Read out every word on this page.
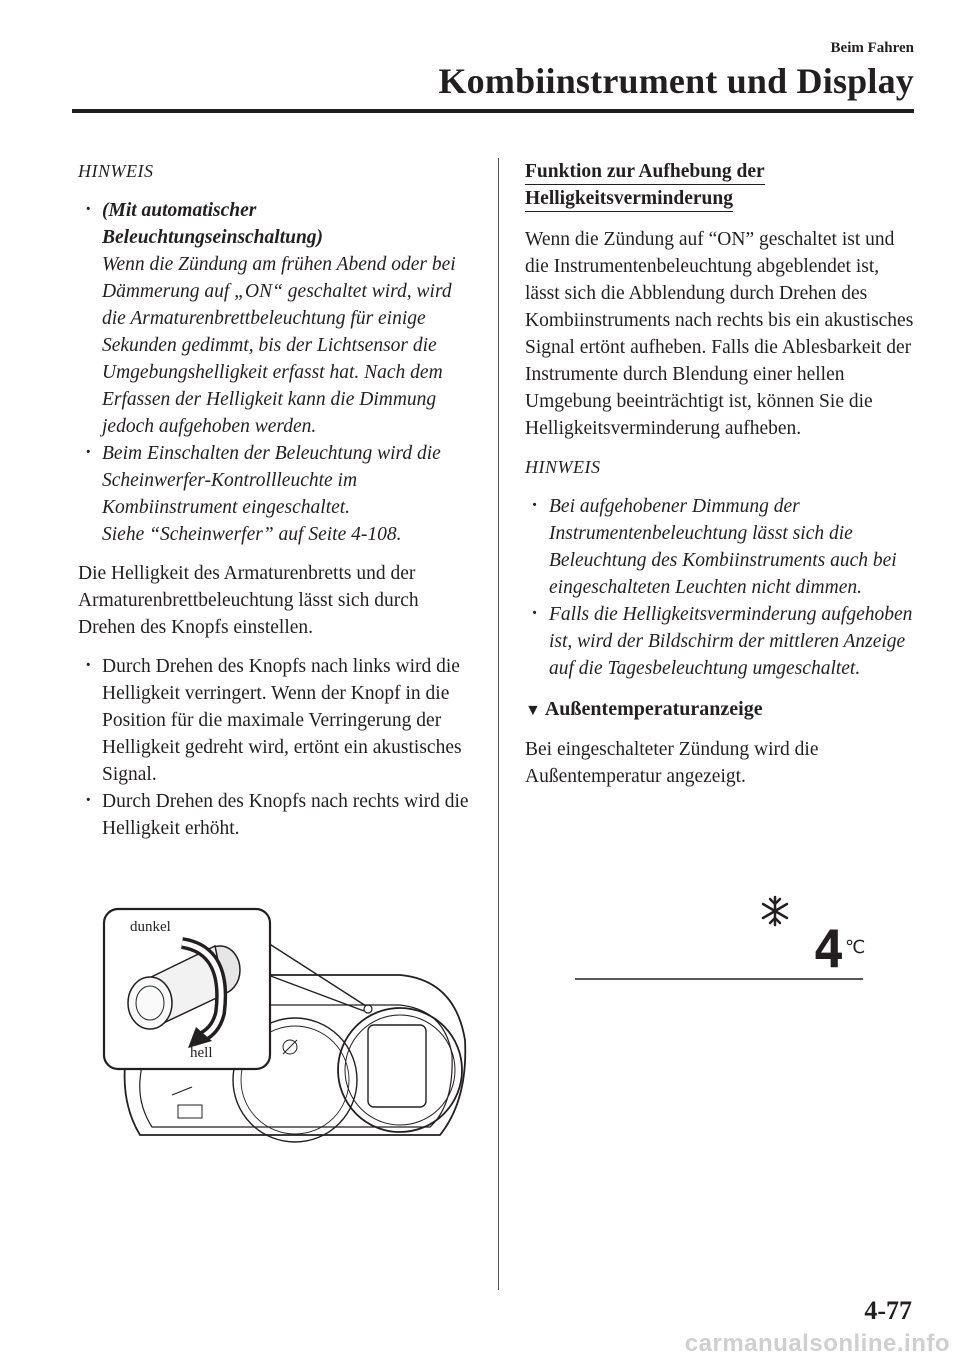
Beim Fahren
Kombiinstrument und Display
HINWEIS
· (Mit automatischer Beleuchtungseinschaltung)
Wenn die Zündung am frühen Abend oder bei Dämmerung auf „ON“ geschaltet wird, wird die Armaturenbrettbeleuchtung für einige Sekunden gedimmt, bis der Lichtsensor die Umgebungshelligkeit erfasst hat. Nach dem Erfassen der Helligkeit kann die Dimmung jedoch aufgehoben werden.
· Beim Einschalten der Beleuchtung wird die Scheinwerfer-Kontrollleuchte im Kombiinstrument eingeschaltet.
Siehe “Scheinwerfer” auf Seite 4-108.

Die Helligkeit des Armaturenbretts und der Armaturenbrettbeleuchtung lässt sich durch Drehen des Knopfs einstellen.

· Durch Drehen des Knopfs nach links wird die Helligkeit verringert. Wenn der Knopf in die Position für die maximale Verringerung der Helligkeit gedreht wird, ertönt ein akustisches Signal.
· Durch Drehen des Knopfs nach rechts wird die Helligkeit erhöht.
dunkel
hell
Funktion zur Aufhebung der
Helligkeitsverminderung

Wenn die Zündung auf “ON” geschaltet ist und die Instrumentenbeleuchtung abgeblendet ist, lässt sich die Abblendung durch Drehen des Kombiinstruments nach rechts bis ein akustisches Signal ertönt aufheben. Falls die Ablesbarkeit der Instrumente durch Blendung einer hellen Umgebung beeinträchtigt ist, können Sie die Helligkeitsverminderung aufheben.

HINWEIS
· Bei aufgehobener Dimmung der Instrumentenbeleuchtung lässt sich die Beleuchtung des Kombiinstruments auch bei eingeschalteten Leuchten nicht dimmen.
· Falls die Helligkeitsverminderung aufgehoben ist, wird der Bildschirm der mittleren Anzeige auf die Tagesbeleuchtung umgeschaltet.
▼ Außentemperaturanzeige

Bei eingeschalteter Zündung wird die Außentemperatur angezeigt.

4 ℃
4-77
carmanualsonline.info
